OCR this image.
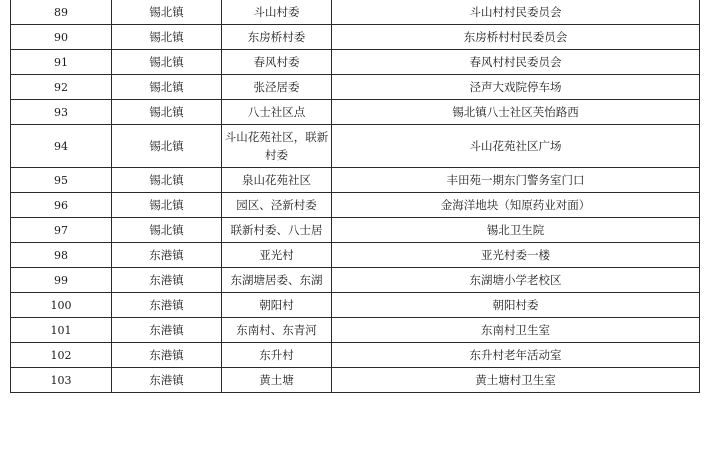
89	锡北镇	斗山村委	斗山村村民委员会
90	锡北镇	东房桥村委	东房桥村村民委员会
91	锡北镇	春风村委	春风村村民委员会
92	锡北镇	张泾居委	泾声大戏院停车场
93	锡北镇	八士社区点	锡北镇八士社区芙怡路西
94	锡北镇	斗山花苑社区，联新村委	斗山花苑社区广场
95	锡北镇	泉山花苑社区	丰田苑一期东门警务室门口
96	锡北镇	园区、泾新村委	金海洋地块（知原药业对面）
97	锡北镇	联新村委、八士居	锡北卫生院
98	东港镇	亚光村	亚光村委一楼
99	东港镇	东湖塘居委、东湖	东湖塘小学老校区
100	东港镇	朝阳村	朝阳村委
101	东港镇	东南村、东青河	东南村卫生室
102	东港镇	东升村	东升村老年活动室
103	东港镇	黄土塘	黄土塘村卫生室
